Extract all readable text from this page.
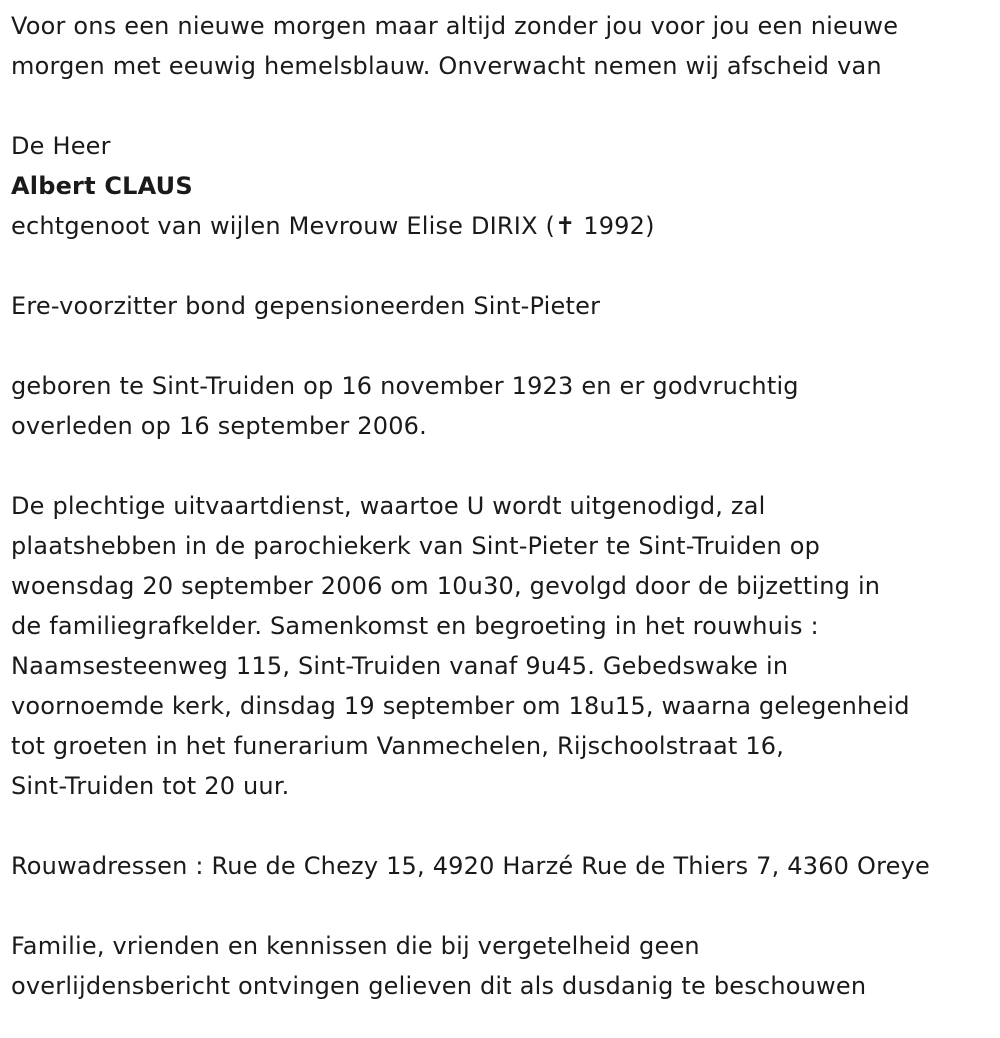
Voor ons een nieuwe morgen maar altijd zonder jou voor jou een nieuwe
morgen met eeuwig hemelsblauw. Onverwacht nemen wij afscheid van

De Heer

Albert CLAUS

echtgenoot van wijlen Mevrouw Elise DIRIX (✝ 1992)

Ere-voorzitter bond gepensioneerden Sint-Pieter

geboren te Sint-Truiden op 16 november 1923 en er godvruchtig
overleden op 16 september 2006.

De plechtige uitvaartdienst, waartoe U wordt uitgenodigd, zal
plaatshebben in de parochiekerk van Sint-Pieter te Sint-Truiden op
woensdag 20 september 2006 om 10u30, gevolgd door de bijzetting in
de familiegrafkelder. Samenkomst en begroeting in het rouwhuis :
Naamsesteenweg 115, Sint-Truiden vanaf 9u45. Gebedswake in
voornoemde kerk, dinsdag 19 september om 18u15, waarna gelegenheid
tot groeten in het funerarium Vanmechelen, Rijschoolstraat 16,
Sint-Truiden tot 20 uur.

Rouwadressen : Rue de Chezy 15, 4920 Harzé Rue de Thiers 7, 4360 Oreye

Familie, vrienden en kennissen die bij vergetelheid geen
overlijdensbericht ontvingen gelieven dit als dusdanig te beschouwen
